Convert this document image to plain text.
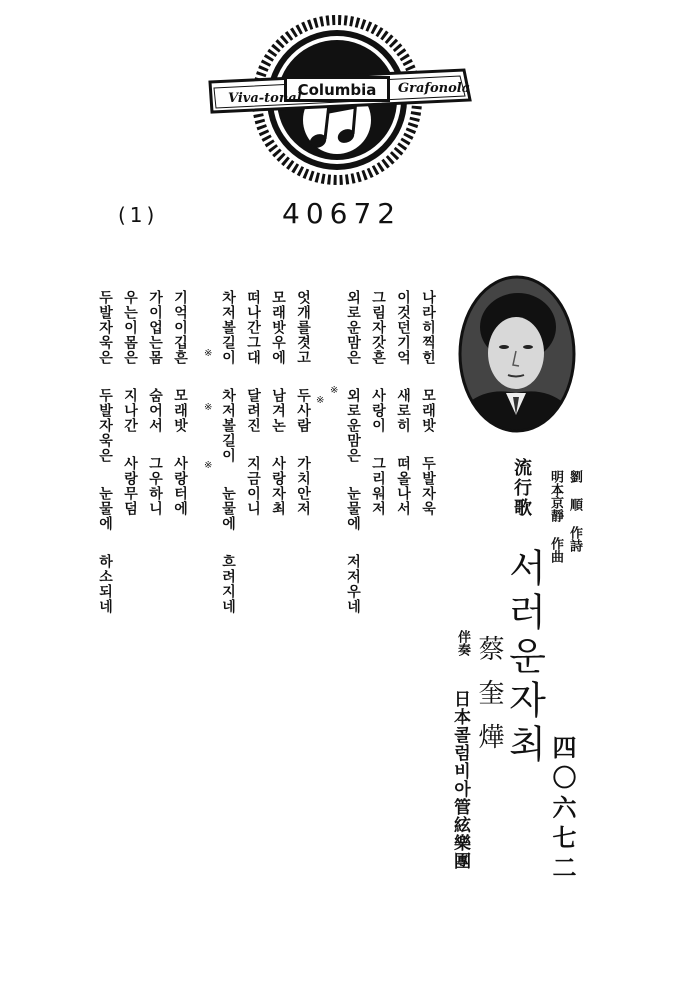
Viva-tonal
Columbia Grafonola
(1)	40672
나라히찍힌 모래밧 두발자욱
이것던기억 새로히 떠올나서
그림자갓흔 사랑이 그리워저
외로운맘은 외로운맘은 눈물에 저저우네
※
※
엇개를겻고 두사람 가치안저
모래밧우에 남겨논 사랑자최
떠나간그대 달려진 지금이니
차저볼길이 차저볼길이 눈물에 흐려지네
※
※
※
기억이깁흔 모래밧 사랑터에
가이업는몸 숨어서 그우하니
우는이몸은 지나간 사랑무덤
두발자욱은 두발자욱은 눈물에 하소되네	流行歌 明本京靜 作曲 劉 順 作詩
서러운자최
蔡奎燁
伴奏
日本콜럼비아管絃樂團	四〇六七二
